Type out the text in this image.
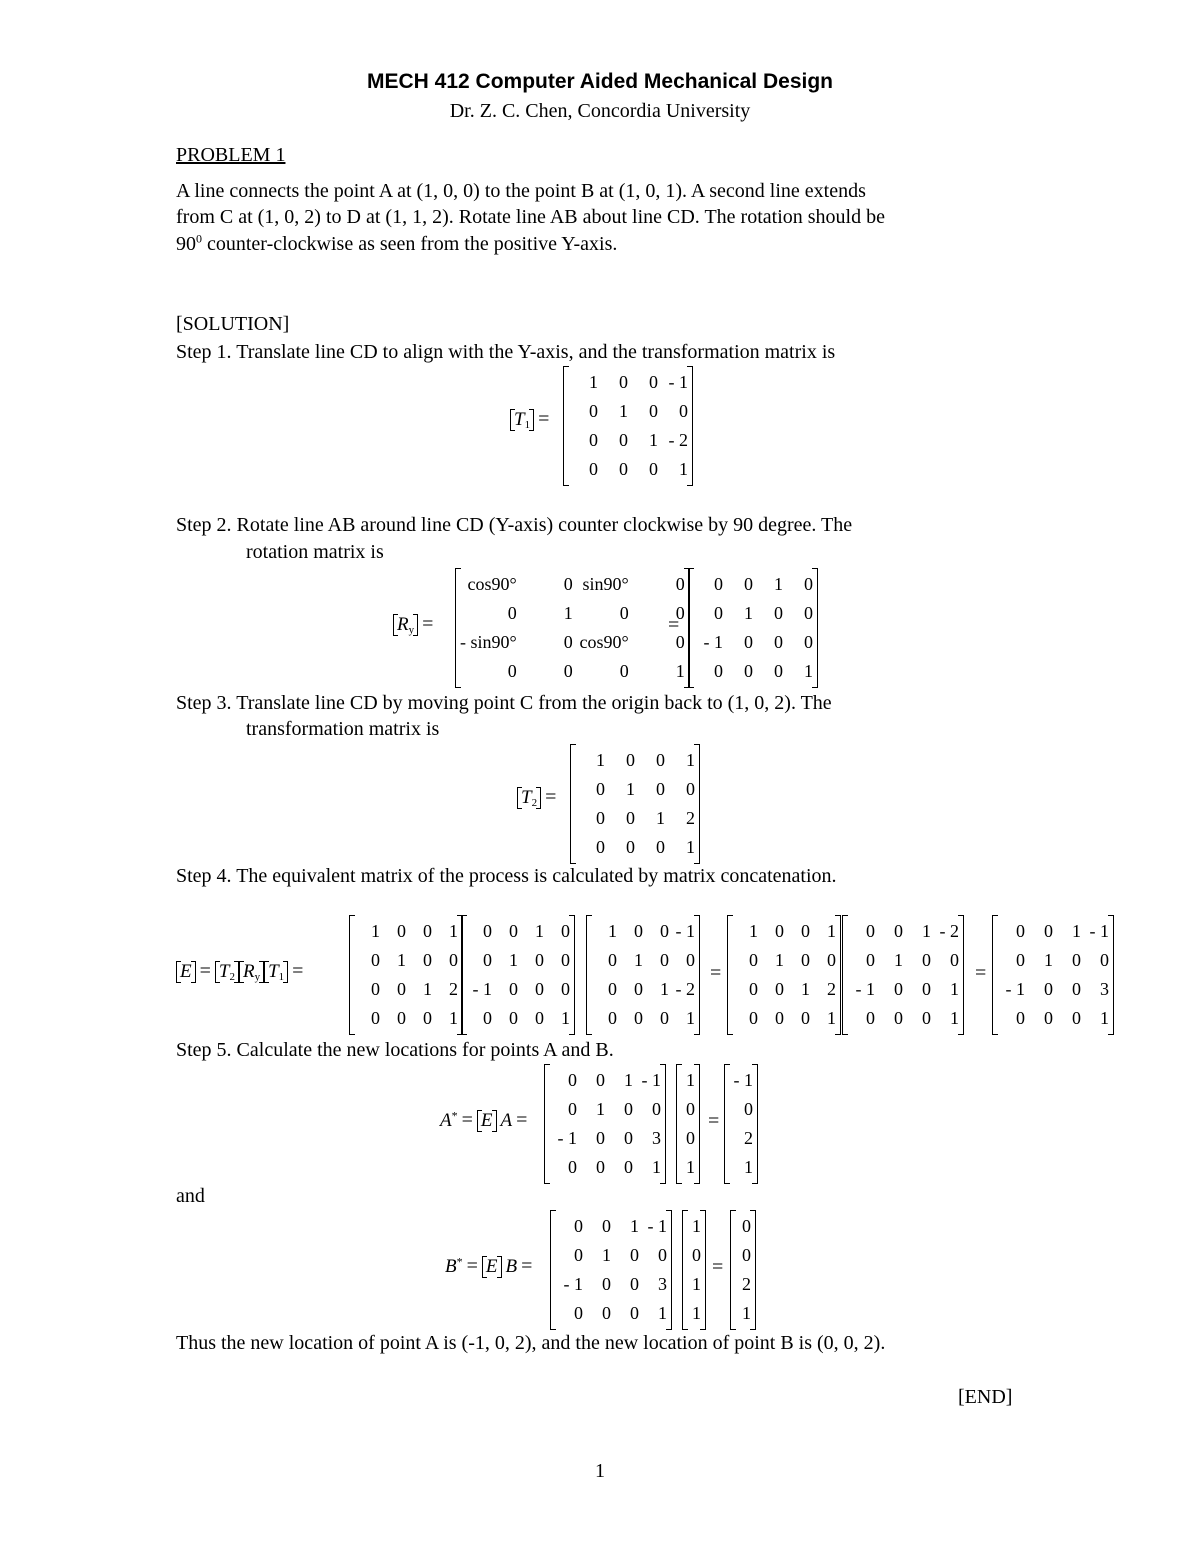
MECH 412 Computer Aided Mechanical Design
Dr. Z. C. Chen, Concordia University
PROBLEM 1
A line connects the point A at (1, 0, 0) to the point B at (1, 0, 1). A second line extends
from C at (1, 0, 2) to D at (1, 1, 2). Rotate line AB about line CD. The rotation should be
$90^0$ counter-clockwise as seen from the positive Y-axis.
[SOLUTION]
Step 1. Translate line CD to align with the Y-axis, and the transformation matrix is
$T_1$ =
1	0	0	- 1
0	1	0	0
0	0	1	- 2
0	0	0	1
Step 2. Rotate line AB around line CD (Y-axis) counter clockwise by 90 degree. The
rotation matrix is
$R_y$ =
cos90°	0	sin90°	0
0	1	0	0
- sin90°	0	cos90°	0
0	0	0	1
=
0	0	1	0
0	1	0	0
- 1	0	0	0
0	0	0	1
Step 3. Translate line CD by moving point C from the origin back to (1, 0, 2). The
transformation matrix is
$T_2$ =
1	0	0	1
0	1	0	0
0	0	1	2
0	0	0	1
Step 4. The equivalent matrix of the process is calculated by matrix concatenation.
$E = T_2$ $R_y$ $T_1$ =
1	0	0	1
0	1	0	0
0	0	1	2
0	0	0	1
0	0	1	0
0	1	0	0
- 1	0	0	0
0	0	0	1
1	0	0	- 1
0	1	0	0
0	0	1	- 2
0	0	0	1
=
1	0	0	1
0	1	0	0
0	0	1	2
0	0	0	1
0	0	1	- 2
0	1	0	0
- 1	0	0	1
0	0	0	1
=
0	0	1	- 1
0	1	0	0
- 1	0	0	3
0	0	0	1
Step 5. Calculate the new locations for points A and B.
A* = E A =
0	0	1	- 1
0	1	0	0
- 1	0	0	3
0	0	0	1
1
0
0
1
=
- 1
0
2
1
and
B* = E B =
0	0	1	- 1
0	1	0	0
- 1	0	0	3
0	0	0	1
1
0
1
1
=
0
0
2
1
Thus the new location of point A is (-1, 0, 2), and the new location of point B is (0, 0, 2).
[END]
1
